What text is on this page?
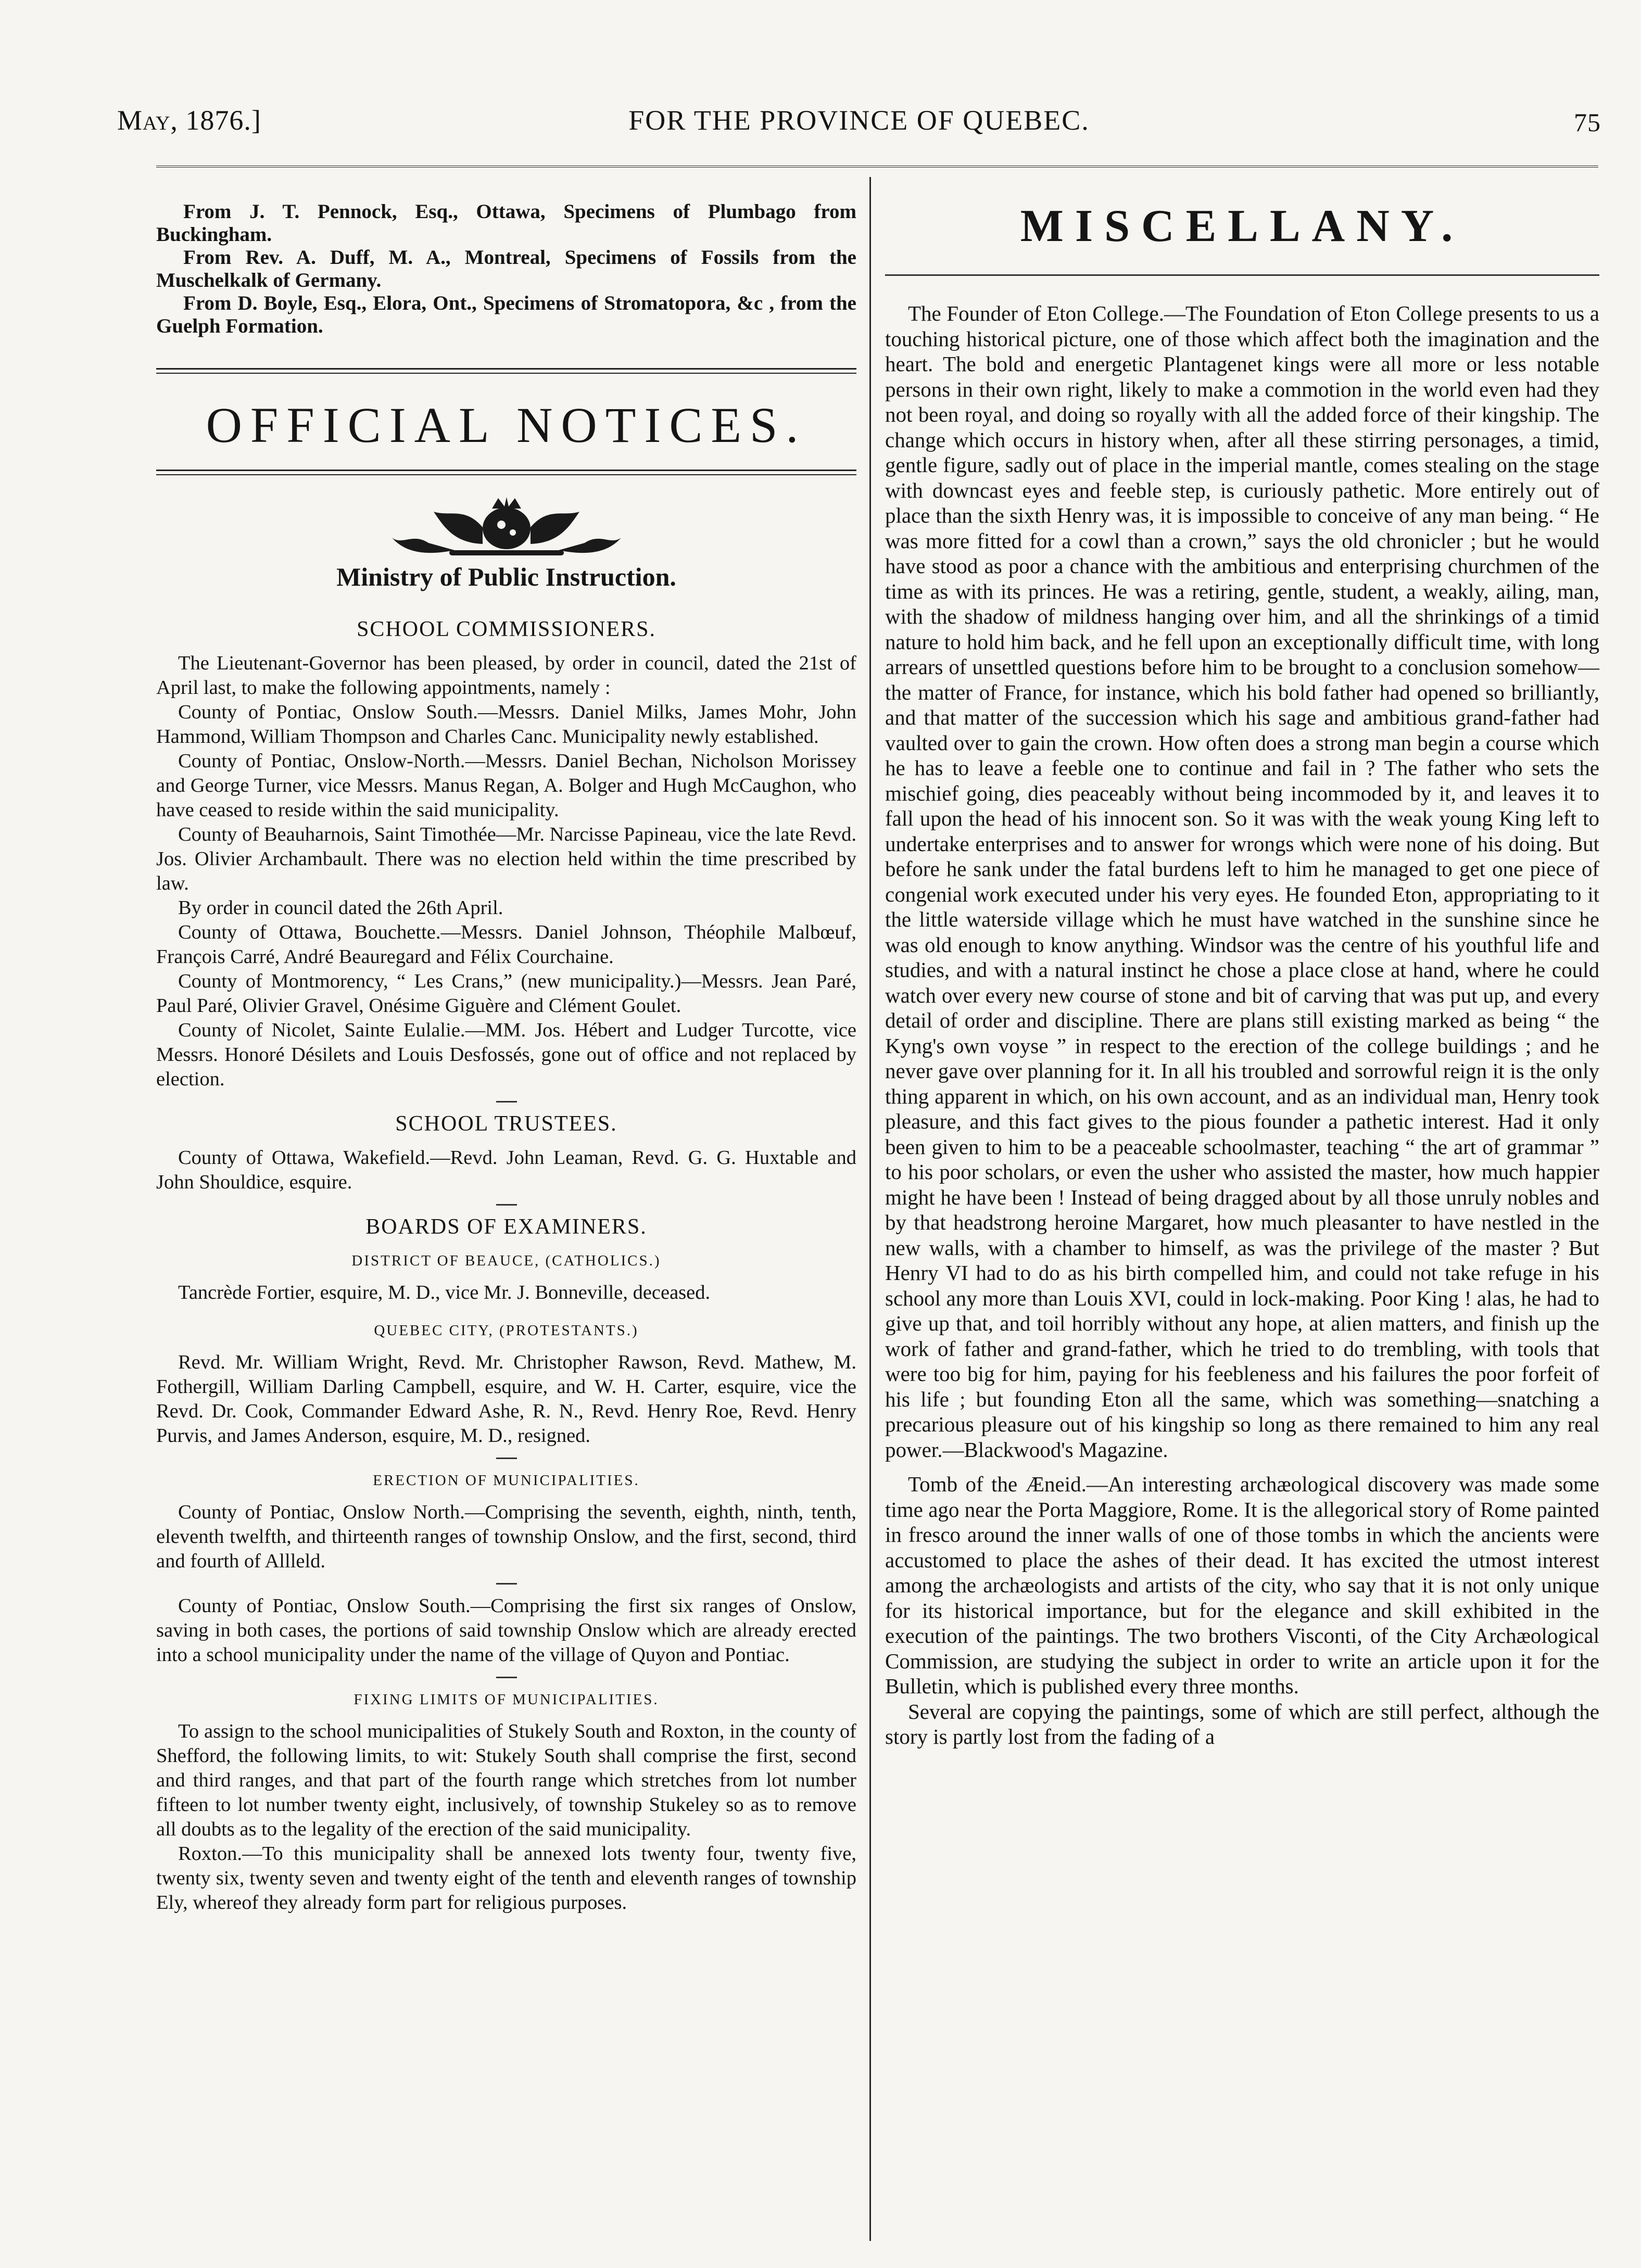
May, 1876.]	FOR THE PROVINCE OF QUEBEC.	75

From J. T. Pennock, Esq., Ottawa, Specimens of Plumbago from Buckingham.

From Rev. A. Duff, M. A., Montreal, Specimens of Fossils from the Muschelkalk of Germany.

From D. Boyle, Esq., Elora, Ont., Specimens of Stromatopora, &c , from the Guelph Formation.

OFFICIAL NOTICES.
Ministry of Public Instruction.
SCHOOL COMMISSIONERS.

The Lieutenant-Governor has been pleased, by order in council, dated the 21st of April last, to make the following appointments, namely :

County of Pontiac, Onslow South.—Messrs. Daniel Milks, James Mohr, John Hammond, William Thompson and Charles Canc. Municipality newly established.

County of Pontiac, Onslow-North.—Messrs. Daniel Bechan, Nicholson Morissey and George Turner, vice Messrs. Manus Regan, A. Bolger and Hugh McCaughon, who have ceased to reside within the said municipality.

County of Beauharnois, Saint Timothée—Mr. Narcisse Papineau, vice the late Revd. Jos. Olivier Archambault. There was no election held within the time prescribed by law.

By order in council dated the 26th April.

County of Ottawa, Bouchette.—Messrs. Daniel Johnson, Théophile Malbœuf, François Carré, André Beauregard and Félix Courchaine.

County of Montmorency, “ Les Crans,” (new municipality.)—Messrs. Jean Paré, Paul Paré, Olivier Gravel, Onésime Giguère and Clément Goulet.

County of Nicolet, Sainte Eulalie.—MM. Jos. Hébert and Ludger Turcotte, vice Messrs. Honoré Désilets and Louis Desfossés, gone out of office and not replaced by election.

SCHOOL TRUSTEES.

County of Ottawa, Wakefield.—Revd. John Leaman, Revd. G. G. Huxtable and John Shouldice, esquire.

BOARDS OF EXAMINERS.
DISTRICT OF BEAUCE, (CATHOLICS.)

Tancrède Fortier, esquire, M. D., vice Mr. J. Bonneville, deceased.

QUEBEC CITY, (PROTESTANTS.)

Revd. Mr. William Wright, Revd. Mr. Christopher Rawson, Revd. Mathew, M. Fothergill, William Darling Campbell, esquire, and W. H. Carter, esquire, vice the Revd. Dr. Cook, Commander Edward Ashe, R. N., Revd. Henry Roe, Revd. Henry Purvis, and James Anderson, esquire, M. D., resigned.

ERECTION OF MUNICIPALITIES.

County of Pontiac, Onslow North.—Comprising the seventh, eighth, ninth, tenth, eleventh twelfth, and thirteenth ranges of township Onslow, and the first, second, third and fourth of Allleld.

County of Pontiac, Onslow South.—Comprising the first six ranges of Onslow, saving in both cases, the portions of said township Onslow which are already erected into a school municipality under the name of the village of Quyon and Pontiac.

FIXING LIMITS OF MUNICIPALITIES.

To assign to the school municipalities of Stukely South and Roxton, in the county of Shefford, the following limits, to wit: Stukely South shall comprise the first, second and third ranges, and that part of the fourth range which stretches from lot number fifteen to lot number twenty eight, inclusively, of township Stukeley so as to remove all doubts as to the legality of the erection of the said municipality.

Roxton.—To this municipality shall be annexed lots twenty four, twenty five, twenty six, twenty seven and twenty eight of the tenth and eleventh ranges of township Ely, whereof they already form part for religious purposes.

MISCELLANY.

The Founder of Eton College.—The Foundation of Eton College presents to us a touching historical picture, one of those which affect both the imagination and the heart. The bold and energetic Plantagenet kings were all more or less notable persons in their own right, likely to make a commotion in the world even had they not been royal, and doing so royally with all the added force of their kingship. The change which occurs in history when, after all these stirring personages, a timid, gentle figure, sadly out of place in the imperial mantle, comes stealing on the stage with downcast eyes and feeble step, is curiously pathetic. More entirely out of place than the sixth Henry was, it is impossible to conceive of any man being. “ He was more fitted for a cowl than a crown,” says the old chronicler ; but he would have stood as poor a chance with the ambitious and enterprising churchmen of the time as with its princes. He was a retiring, gentle, student, a weakly, ailing, man, with the shadow of mildness hanging over him, and all the shrinkings of a timid nature to hold him back, and he fell upon an exceptionally difficult time, with long arrears of unsettled questions before him to be brought to a conclusion somehow—the matter of France, for instance, which his bold father had opened so brilliantly, and that matter of the succession which his sage and ambitious grand-father had vaulted over to gain the crown. How often does a strong man begin a course which he has to leave a feeble one to continue and fail in ? The father who sets the mischief going, dies peaceably without being incommoded by it, and leaves it to fall upon the head of his innocent son. So it was with the weak young King left to undertake enterprises and to answer for wrongs which were none of his doing. But before he sank under the fatal burdens left to him he managed to get one piece of congenial work executed under his very eyes. He founded Eton, appropriating to it the little waterside village which he must have watched in the sunshine since he was old enough to know anything. Windsor was the centre of his youthful life and studies, and with a natural instinct he chose a place close at hand, where he could watch over every new course of stone and bit of carving that was put up, and every detail of order and discipline. There are plans still existing marked as being “ the Kyng's own voyse ” in respect to the erection of the college buildings ; and he never gave over planning for it. In all his troubled and sorrowful reign it is the only thing apparent in which, on his own account, and as an individual man, Henry took pleasure, and this fact gives to the pious founder a pathetic interest. Had it only been given to him to be a peaceable schoolmaster, teaching “ the art of grammar ” to his poor scholars, or even the usher who assisted the master, how much happier might he have been ! Instead of being dragged about by all those unruly nobles and by that headstrong heroine Margaret, how much pleasanter to have nestled in the new walls, with a chamber to himself, as was the privilege of the master ? But Henry VI had to do as his birth compelled him, and could not take refuge in his school any more than Louis XVI, could in lock-making. Poor King ! alas, he had to give up that, and toil horribly without any hope, at alien matters, and finish up the work of father and grand-father, which he tried to do trembling, with tools that were too big for him, paying for his feebleness and his failures the poor forfeit of his life ; but founding Eton all the same, which was something—snatching a precarious pleasure out of his kingship so long as there remained to him any real power.—Blackwood's Magazine.

Tomb of the Æneid.—An interesting archæological discovery was made some time ago near the Porta Maggiore, Rome. It is the allegorical story of Rome painted in fresco around the inner walls of one of those tombs in which the ancients were accustomed to place the ashes of their dead. It has excited the utmost interest among the archæologists and artists of the city, who say that it is not only unique for its historical importance, but for the elegance and skill exhibited in the execution of the paintings. The two brothers Visconti, of the City Archæological Commission, are studying the subject in order to write an article upon it for the Bulletin, which is published every three months.

Several are copying the paintings, some of which are still perfect, although the story is partly lost from the fading of a
